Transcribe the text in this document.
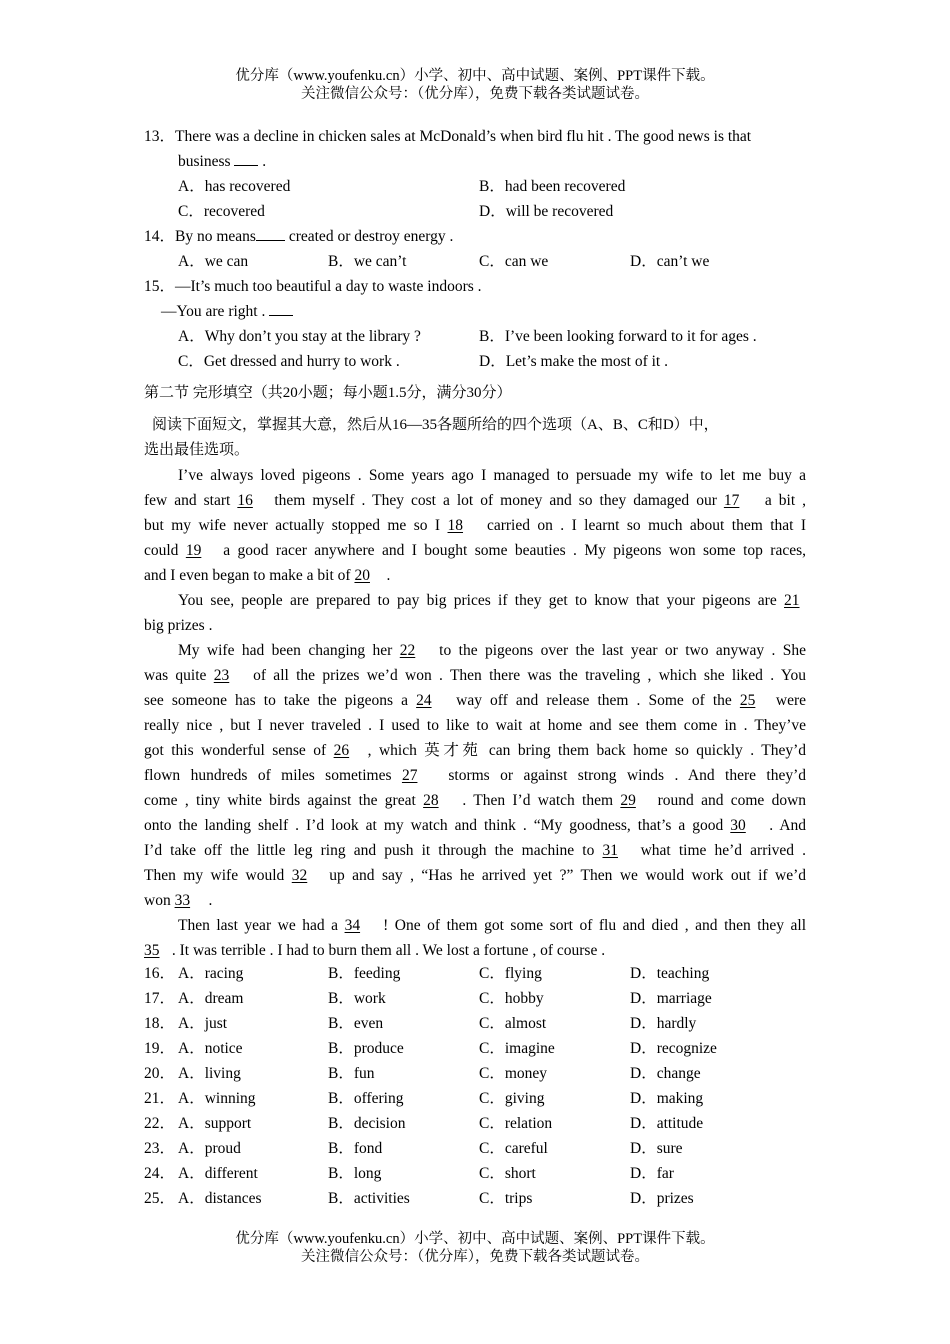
优分库（www.youfenku.cn）小学、初中、高中试题、案例、PPT课件下载。
关注微信公众号：（优分库），免费下载各类试题试卷。
13．There was a decline in chicken sales at McDonald’s when bird flu hit . The good news is that
business .
A．has recovered	B．had been recovered
C．recovered	D．will be recovered
14．By no means created or destroy energy .
A．we can	B．we can’t	C．can we	D．can’t we
15．—It’s much too beautiful a day to waste indoors .
—You are right .
A．Why don’t you stay at the library ?	B．I’ve been looking forward to it for ages .
C．Get dressed and hurry to work .	D．Let’s make the most of it .
第二节 完形填空（共20小题；每小题1.5分，满分30分）
阅读下面短文，掌握其大意，然后从16—35各题所给的四个选项（A、B、C和D）中，
选出最佳选项。
I’ve always loved pigeons . Some years ago I managed to persuade my wife to let me buy a
few and start 16 them myself . They cost a lot of money and so they damaged our 17 a bit ,
but my wife never actually stopped me so I 18 carried on . I learnt so much about them that I
could 19 a good racer anywhere and I bought some beauties . My pigeons won some top races,
and I even began to make a bit of 20 .
You see, people are prepared to pay big prices if they get to know that your pigeons are 21
big prizes .
My wife had been changing her 22 to the pigeons over the last year or two anyway . She
was quite 23 of all the prizes we’d won . Then there was the traveling , which she liked . You
see someone has to take the pigeons a 24 way off and release them . Some of the 25 were
really nice , but I never traveled . I used to like to wait at home and see them come in . They’ve
got this wonderful sense of 26 , which 英才苑 can bring them back home so quickly . They’d
flown hundreds of miles sometimes 27 storms or against strong winds . And there they’d
come , tiny white birds against the great 28 . Then I’d watch them 29 round and come down
onto the landing shelf . I’d look at my watch and think . “My goodness, that’s a good 30 . And
I’d take off the little leg ring and push it through the machine to 31 what time he’d arrived .
Then my wife would 32 up and say , “Has he arrived yet ?” Then we would work out if we’d
won 33 .
Then last year we had a 34 ! One of them got some sort of flu and died , and then they all
35 . It was terrible . I had to burn them all . We lost a fortune , of course .
16． A．racing	B．feeding	C．flying	D．teaching
17． A．dream	B．work	C．hobby	D．marriage
18． A．just	B．even	C．almost	D．hardly
19． A．notice	B．produce	C．imagine	D．recognize
20． A．living	B．fun	C．money	D．change
21． A．winning	B．offering	C．giving	D．making
22． A．support	B．decision	C．relation	D．attitude
23． A．proud	B．fond	C．careful	D．sure
24． A．different	B．long	C．short	D．far
25． A．distances	B．activities	C．trips	D．prizes
优分库（www.youfenku.cn）小学、初中、高中试题、案例、PPT课件下载。
关注微信公众号：（优分库），免费下载各类试题试卷。
